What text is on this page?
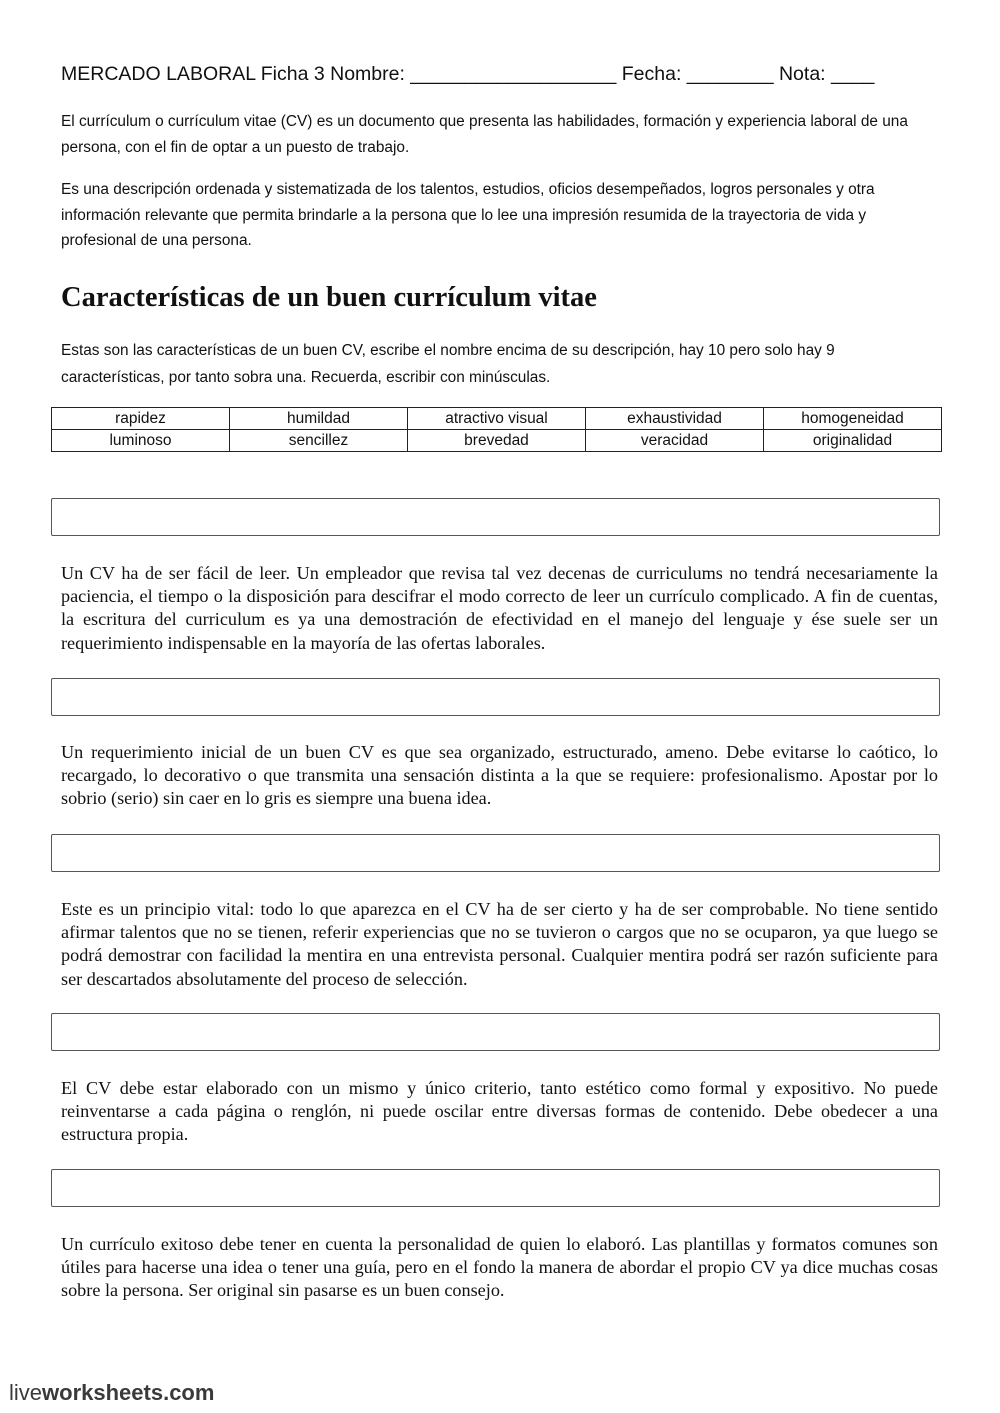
MERCADO LABORAL Ficha 3 Nombre: ___________________ Fecha: ________ Nota: ____

El currículum o currículum vitae (CV) es un documento que presenta las habilidades, formación y experiencia laboral de una persona, con el fin de optar a un puesto de trabajo.

Es una descripción ordenada y sistematizada de los talentos, estudios, oficios desempeñados, logros personales y otra información relevante que permita brindarle a la persona que lo lee una impresión resumida de la trayectoria de vida y profesional de una persona.

Características de un buen currículum vitae

Estas son las características de un buen CV, escribe el nombre encima de su descripción, hay 10 pero solo hay 9 características, por tanto sobra una. Recuerda, escribir con minúsculas.

rapidez	humildad	atractivo visual	exhaustividad	homogeneidad
luminoso	sencillez	brevedad	veracidad	originalidad

Un CV ha de ser fácil de leer. Un empleador que revisa tal vez decenas de curriculums no tendrá necesariamente la paciencia, el tiempo o la disposición para descifrar el modo correcto de leer un currículo complicado. A fin de cuentas, la escritura del curriculum es ya una demostración de efectividad en el manejo del lenguaje y ése suele ser un requerimiento indispensable en la mayoría de las ofertas laborales.

Un requerimiento inicial de un buen CV es que sea organizado, estructurado, ameno. Debe evitarse lo caótico, lo recargado, lo decorativo o que transmita una sensación distinta a la que se requiere: profesionalismo. Apostar por lo sobrio (serio) sin caer en lo gris es siempre una buena idea.

Este es un principio vital: todo lo que aparezca en el CV ha de ser cierto y ha de ser comprobable. No tiene sentido afirmar talentos que no se tienen, referir experiencias que no se tuvieron o cargos que no se ocuparon, ya que luego se podrá demostrar con facilidad la mentira en una entrevista personal. Cualquier mentira podrá ser razón suficiente para ser descartados absolutamente del proceso de selección.

El CV debe estar elaborado con un mismo y único criterio, tanto estético como formal y expositivo. No puede reinventarse a cada página o renglón, ni puede oscilar entre diversas formas de contenido. Debe obedecer a una estructura propia.

Un currículo exitoso debe tener en cuenta la personalidad de quien lo elaboró. Las plantillas y formatos comunes son útiles para hacerse una idea o tener una guía, pero en el fondo la manera de abordar el propio CV ya dice muchas cosas sobre la persona. Ser original sin pasarse es un buen consejo.

liveworksheets.com
